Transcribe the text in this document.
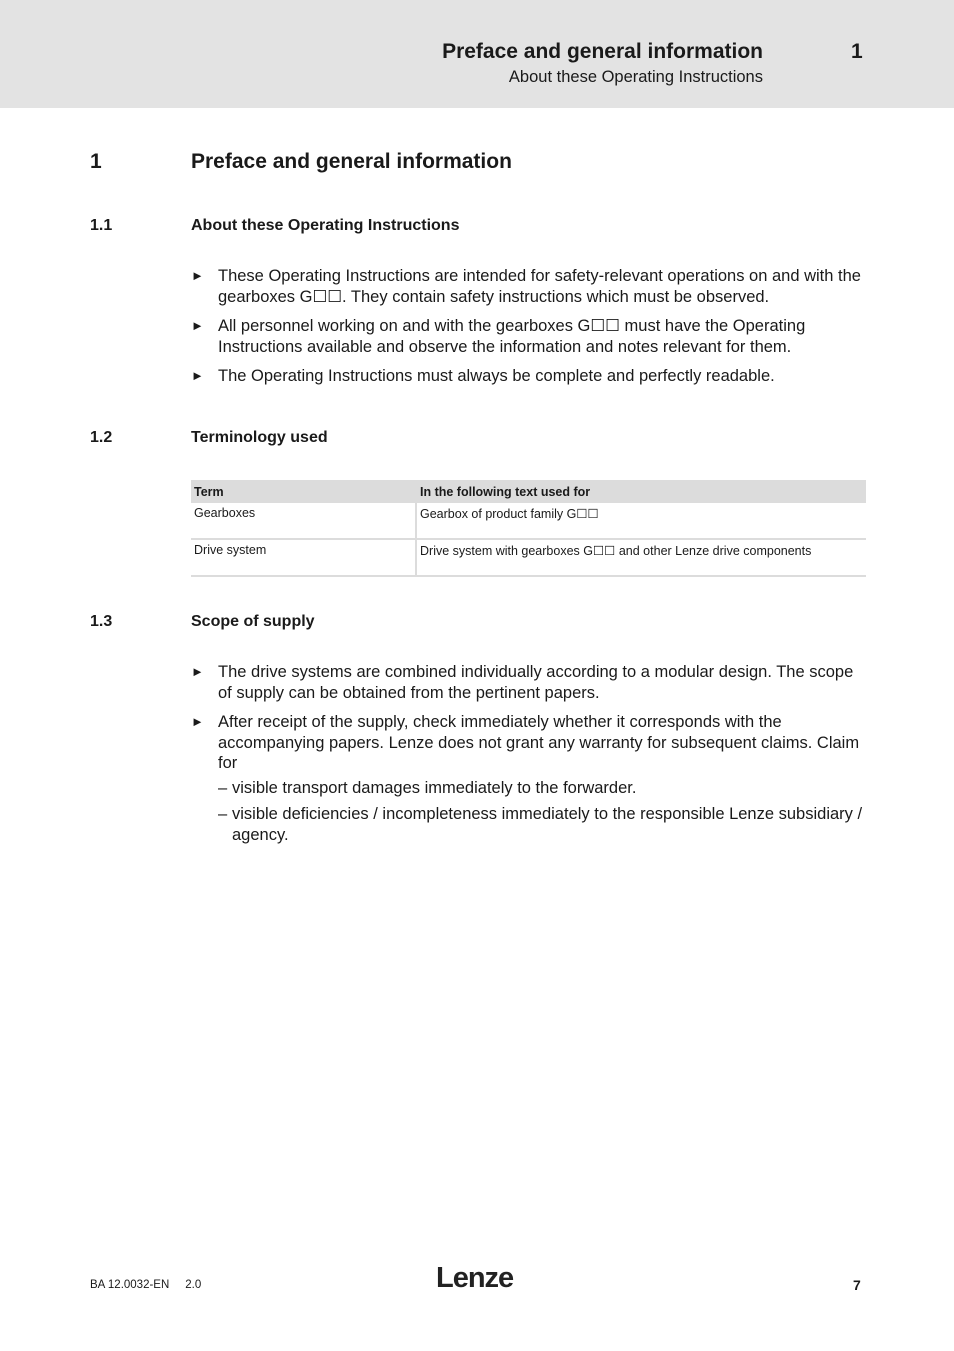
Preface and general information
About these Operating Instructions
1
1	Preface and general information
1.1	About these Operating Instructions
► These Operating Instructions are intended for safety-relevant operations on and with the gearboxes G☐☐. They contain safety instructions which must be observed.
► All personnel working on and with the gearboxes G☐☐ must have the Operating Instructions available and observe the information and notes relevant for them.
► The Operating Instructions must always be complete and perfectly readable.
1.2	Terminology used
Term	In the following text used for
Gearboxes	Gearbox of product family G☐☐
Drive system	Drive system with gearboxes G☐☐ and other Lenze drive components
1.3	Scope of supply
► The drive systems are combined individually according to a modular design. The scope of supply can be obtained from the pertinent papers.
► After receipt of the supply, check immediately whether it corresponds with the accompanying papers. Lenze does not grant any warranty for subsequent claims. Claim for
– visible transport damages immediately to the forwarder.
– visible deficiencies / incompleteness immediately to the responsible Lenze subsidiary / agency.
BA 12.0032-EN 2.0	Lenze	7
